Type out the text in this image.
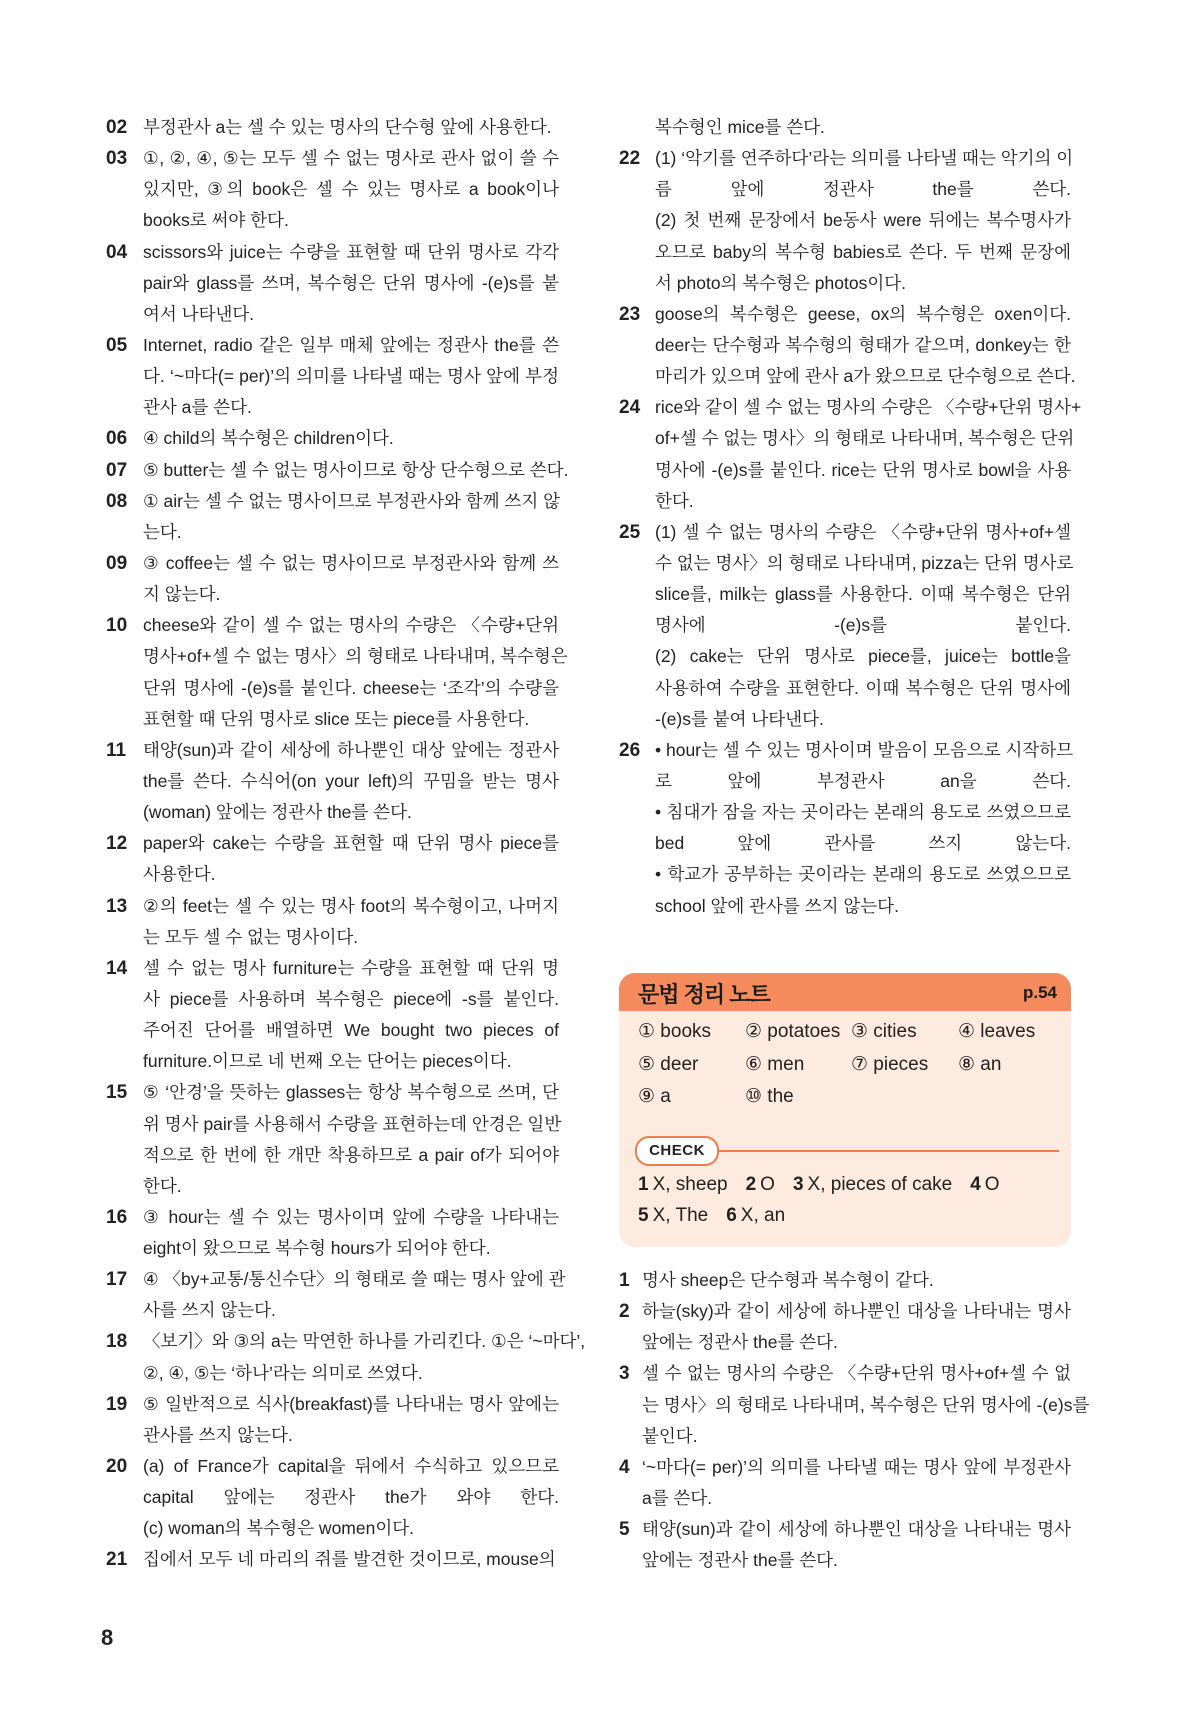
02 부정관사 a는 셀 수 있는 명사의 단수형 앞에 사용한다.
03 ①, ②, ④, ⑤는 모두 셀 수 없는 명사로 관사 없이 쓸 수
있지만, ③의 book은 셀 수 있는 명사로 a book이나
books로 써야 한다.
04 scissors와 juice는 수량을 표현할 때 단위 명사로 각각
pair와 glass를 쓰며, 복수형은 단위 명사에 -(e)s를 붙
여서 나타낸다.
05 Internet, radio 같은 일부 매체 앞에는 정관사 the를 쓴
다. ‘~마다(= per)’의 의미를 나타낼 때는 명사 앞에 부정
관사 a를 쓴다.
06 ④ child의 복수형은 children이다.
07 ⑤ butter는 셀 수 없는 명사이므로 항상 단수형으로 쓴다.
08 ① air는 셀 수 없는 명사이므로 부정관사와 함께 쓰지 않
는다.
09 ③ coffee는 셀 수 없는 명사이므로 부정관사와 함께 쓰
지 않는다.
10 cheese와 같이 셀 수 없는 명사의 수량은 〈수량+단위
명사+of+셀 수 없는 명사〉의 형태로 나타내며, 복수형은
단위 명사에 -(e)s를 붙인다. cheese는 ‘조각’의 수량을
표현할 때 단위 명사로 slice 또는 piece를 사용한다.
11 태양(sun)과 같이 세상에 하나뿐인 대상 앞에는 정관사
the를 쓴다. 수식어(on your left)의 꾸밈을 받는 명사
(woman) 앞에는 정관사 the를 쓴다.
12 paper와 cake는 수량을 표현할 때 단위 명사 piece를
사용한다.
13 ②의 feet는 셀 수 있는 명사 foot의 복수형이고, 나머지
는 모두 셀 수 없는 명사이다.
14 셀 수 없는 명사 furniture는 수량을 표현할 때 단위 명
사 piece를 사용하며 복수형은 piece에 -s를 붙인다.
주어진 단어를 배열하면 We bought two pieces of
furniture.이므로 네 번째 오는 단어는 pieces이다.
15 ⑤ ‘안경’을 뜻하는 glasses는 항상 복수형으로 쓰며, 단
위 명사 pair를 사용해서 수량을 표현하는데 안경은 일반
적으로 한 번에 한 개만 착용하므로 a pair of가 되어야
한다.
16 ③ hour는 셀 수 있는 명사이며 앞에 수량을 나타내는
eight이 왔으므로 복수형 hours가 되어야 한다.
17 ④ 〈by+교통/통신수단〉의 형태로 쓸 때는 명사 앞에 관
사를 쓰지 않는다.
18 〈보기〉와 ③의 a는 막연한 하나를 가리킨다. ①은 ‘~마다’,
②, ④, ⑤는 ‘하나’라는 의미로 쓰였다.
19 ⑤ 일반적으로 식사(breakfast)를 나타내는 명사 앞에는
관사를 쓰지 않는다.
20 (a) of France가 capital을 뒤에서 수식하고 있으므로
capital 앞에는 정관사 the가 와야 한다.
(c) woman의 복수형은 women이다.
21 집에서 모두 네 마리의 쥐를 발견한 것이므로, mouse의
복수형인 mice를 쓴다.
22 (1) ‘악기를 연주하다’라는 의미를 나타낼 때는 악기의 이
름 앞에 정관사 the를 쓴다.
(2) 첫 번째 문장에서 be동사 were 뒤에는 복수명사가
오므로 baby의 복수형 babies로 쓴다. 두 번째 문장에
서 photo의 복수형은 photos이다.
23 goose의 복수형은 geese, ox의 복수형은 oxen이다.
deer는 단수형과 복수형의 형태가 같으며, donkey는 한
마리가 있으며 앞에 관사 a가 왔으므로 단수형으로 쓴다.
24 rice와 같이 셀 수 없는 명사의 수량은 〈수량+단위 명사+
of+셀 수 없는 명사〉의 형태로 나타내며, 복수형은 단위
명사에 -(e)s를 붙인다. rice는 단위 명사로 bowl을 사용
한다.
25 (1) 셀 수 없는 명사의 수량은 〈수량+단위 명사+of+셀
수 없는 명사〉의 형태로 나타내며, pizza는 단위 명사로
slice를, milk는 glass를 사용한다. 이때 복수형은 단위
명사에 -(e)s를 붙인다.
(2) cake는 단위 명사로 piece를, juice는 bottle을
사용하여 수량을 표현한다. 이때 복수형은 단위 명사에
-(e)s를 붙여 나타낸다.
26 • hour는 셀 수 있는 명사이며 발음이 모음으로 시작하므
로 앞에 부정관사 an을 쓴다.
• 침대가 잠을 자는 곳이라는 본래의 용도로 쓰였으므로
bed 앞에 관사를 쓰지 않는다.
• 학교가 공부하는 곳이라는 본래의 용도로 쓰였으므로
school 앞에 관사를 쓰지 않는다.
문법 정리 노트	p.54
① books ② potatoes ③ cities ④ leaves
⑤ deer ⑥ men ⑦ pieces ⑧ an
⑨ a	⑩ the
CHECK
1 X, sheep 2 O 3 X, pieces of cake 4 O
5 X, The 6 X, an
1 명사 sheep은 단수형과 복수형이 같다.
2 하늘(sky)과 같이 세상에 하나뿐인 대상을 나타내는 명사
앞에는 정관사 the를 쓴다.
3 셀 수 없는 명사의 수량은 〈수량+단위 명사+of+셀 수 없
는 명사〉의 형태로 나타내며, 복수형은 단위 명사에 -(e)s를
붙인다.
4 ‘~마다(= per)’의 의미를 나타낼 때는 명사 앞에 부정관사
a를 쓴다.
5 태양(sun)과 같이 세상에 하나뿐인 대상을 나타내는 명사
앞에는 정관사 the를 쓴다.
8
